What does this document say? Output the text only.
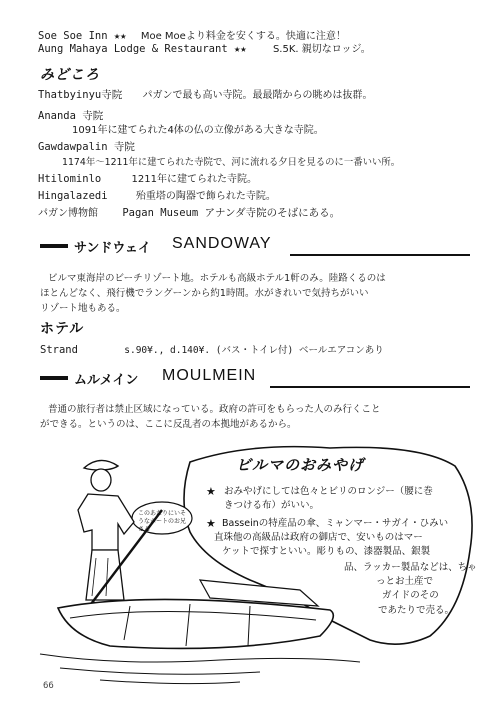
Soe Soe Inn ★★ Moe Moeより料金を安くする。快適に注意！
Aung Mahaya Lodge & Restaurant ★★	S.5K. 親切なロッジ。
みどころ
Thatbyinyu寺院 パガンで最も高い寺院。最最階からの眺めは抜群。
Ananda 寺院
1091年に建てられた4体の仏の立像がある大きな寺院。
Gawdawpalin 寺院
1174年～1211年に建てられた寺院で、河に流れる夕日を見るのに一番いい所。
Htilominlo	1211年に建てられた寺院。
Hingalazedi	殆重塔の陶器で飾られた寺院。
パガン博物館 Pagan Museum アナンダ寺院のそばにある。
サンドウェイ SANDOWAY
ビルマ東海岸のビーチリゾート地。ホテルも高級ホテル1軒のみ。陸路くるのは
ほとんどなく、飛行機でラングーンから約1時間。水がきれいで気持ちがいい
リゾート地もある。
ホテル
Strand	s.90¥., d.140¥. (バス・トイレ付) ベールエアコンあり
ムルメイン MOULMEIN
普通の旅行者は禁止区域になっている。政府の許可をもらった人のみ行くこと
ができる。というのは、ここに反乱者の本拠地があるから。
ビルマのおみやげ
このあたりにいそうなボートのお兄さん
★ おみやげにしては色々とビリのロンジー（腰に巻
きつける布）がいい。
★ Basseinの特産品の傘、ミャンマー・サガイ・ひみい
直珠他の高級品は政府の御店で、安いものはマー
ケットで探すといい。彫りもの、漆器製品、銀製
品、ラッカー製品などは、ちゃ
っとお土産で
ガイドのその
であたりで売る。
66
